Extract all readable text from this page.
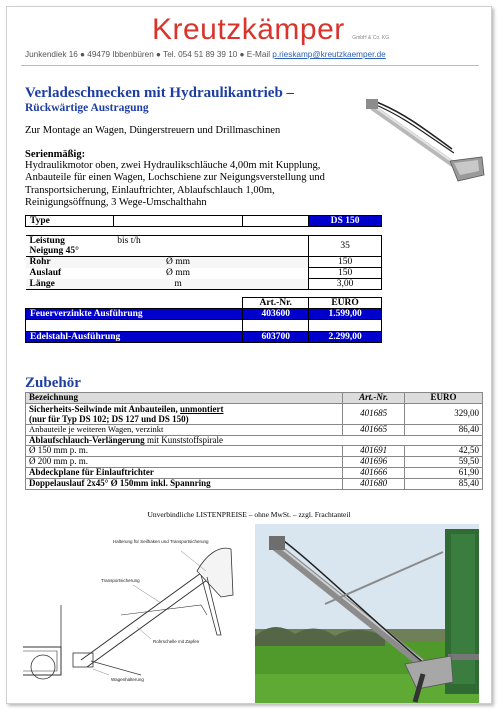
Kreutzkämper GmbH & Co. KG
Junkendiek 16 ● 49479 Ibbenbüren ● Tel. 054 51 89 39 10 ● E-Mail p.rieskamp@kreutzkaemper.de
Verladeschnecken mit Hydraulikantrieb –
Rückwärtige Austragung
Zur Montage an Wagen, Düngerstreuern und Drillmaschinen
Serienmäßig:
Hydraulikmotor oben, zwei Hydraulikschläuche 4,00m mit Kupplung, Anbauteile für einen Wagen, Lochschiene zur Neigungsverstellung und Transportsicherung, Einlauftrichter, Ablaufschlauch 1,00m, Reinigungsöffnung, 3 Wege-Umschalthahn
Type			DS 150

Leistung	bis t/h		35
Neigung 45°			
Rohr	Ø mm		150
Auslauf	Ø mm		150
Länge	m		3,00

		Art.-Nr.	EURO
Feuerverzinkte Ausführung		403600	1.599,00

Edelstahl-Ausführung		603700	2.299,00
Zubehör
Bezeichnung	Art.-Nr.	EURO
Sicherheits-Seilwinde mit Anbauteilen, unmontiert
(nur für Typ DS 102; DS 127 und DS 150)	401685	329,00
Anbauteile je weiteren Wagen, verzinkt	401665	86,40
Ablaufschlauch-Verlängerung mit Kunststoffspirale		
Ø 150 mm p. m.	401691	42,50
Ø 200 mm p. m.	401696	59,50
Abdeckplane für Einlauftrichter	401666	61,90
Doppelauslauf 2x45° Ø 150mm inkl. Spannring	401680	85,40
Unverbindliche LISTENPREISE – ohne MwSt. – zzgl. Frachtanteil
Halterung für Seilhaken und Transportsicherung
Transportsicherung
Rohrschelle mit Zapfen
Wagenhalterung
